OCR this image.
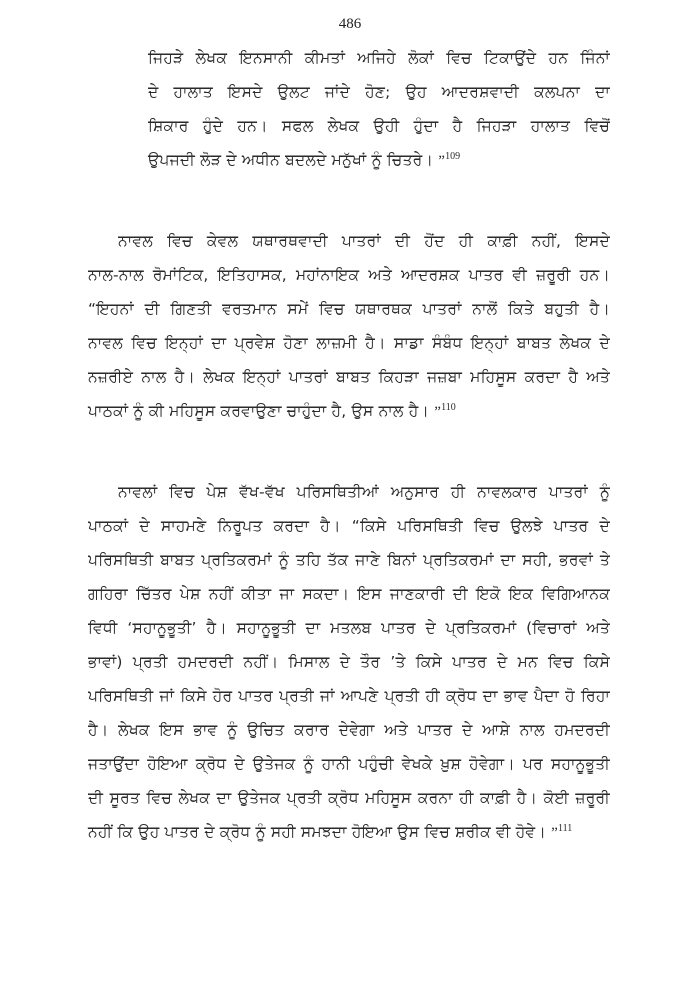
486
ਜਿਹੜੇ ਲੇਖਕ ਇਨਸਾਨੀ ਕੀਮਤਾਂ ਅਜਿਹੇ ਲੋਕਾਂ ਵਿਚ ਟਿਕਾਉਂਦੇ ਹਨ ਜਿੰਨਾਂ
ਦੇ ਹਾਲਾਤ ਇਸਦੇ ਉਲਟ ਜਾਂਦੇ ਹੋਣ; ਉਹ ਆਦਰਸ਼ਵਾਦੀ ਕਲਪਨਾ ਦਾ
ਸ਼ਿਕਾਰ ਹੁੰਦੇ ਹਨ। ਸਫਲ ਲੇਖਕ ਉਹੀ ਹੁੰਦਾ ਹੈ ਜਿਹੜਾ ਹਾਲਾਤ ਵਿਚੋਂ
ਉਪਜਦੀ ਲੋੜ ਦੇ ਅਧੀਨ ਬਦਲਦੇ ਮਨੁੱਖਾਂ ਨੂੰ ਚਿਤਰੇ। ”$^{109}$
ਨਾਵਲ ਵਿਚ ਕੇਵਲ ਯਥਾਰਥਵਾਦੀ ਪਾਤਰਾਂ ਦੀ ਹੋਂਦ ਹੀ ਕਾਫ਼ੀ ਨਹੀਂ, ਇਸਦੇ
ਨਾਲ-ਨਾਲ ਰੋਮਾਂਟਿਕ, ਇਤਿਹਾਸਕ, ਮਹਾਂਨਾਇਕ ਅਤੇ ਆਦਰਸ਼ਕ ਪਾਤਰ ਵੀ ਜ਼ਰੂਰੀ ਹਨ।
“ਇਹਨਾਂ ਦੀ ਗਿਣਤੀ ਵਰਤਮਾਨ ਸਮੇਂ ਵਿਚ ਯਥਾਰਥਕ ਪਾਤਰਾਂ ਨਾਲੋਂ ਕਿਤੇ ਬਹੁਤੀ ਹੈ।
ਨਾਵਲ ਵਿਚ ਇਨ੍ਹਾਂ ਦਾ ਪ੍ਰਵੇਸ਼ ਹੋਣਾ ਲਾਜ਼ਮੀ ਹੈ। ਸਾਡਾ ਸੰਬੰਧ ਇਨ੍ਹਾਂ ਬਾਬਤ ਲੇਖਕ ਦੇ
ਨਜ਼ਰੀਏ ਨਾਲ ਹੈ। ਲੇਖਕ ਇਨ੍ਹਾਂ ਪਾਤਰਾਂ ਬਾਬਤ ਕਿਹੜਾ ਜਜ਼ਬਾ ਮਹਿਸੂਸ ਕਰਦਾ ਹੈ ਅਤੇ
ਪਾਠਕਾਂ ਨੂੰ ਕੀ ਮਹਿਸੂਸ ਕਰਵਾਉਣਾ ਚਾਹੁੰਦਾ ਹੈ, ਉਸ ਨਾਲ ਹੈ। ”$^{110}$
ਨਾਵਲਾਂ ਵਿਚ ਪੇਸ਼ ਵੱਖ-ਵੱਖ ਪਰਿਸਥਿਤੀਆਂ ਅਨੁਸਾਰ ਹੀ ਨਾਵਲਕਾਰ ਪਾਤਰਾਂ ਨੂੰ
ਪਾਠਕਾਂ ਦੇ ਸਾਹਮਣੇ ਨਿਰੂਪਤ ਕਰਦਾ ਹੈ। “ਕਿਸੇ ਪਰਿਸਥਿਤੀ ਵਿਚ ਉਲਝੇ ਪਾਤਰ ਦੇ
ਪਰਿਸਥਿਤੀ ਬਾਬਤ ਪ੍ਰਤਿਕਰਮਾਂ ਨੂੰ ਤਹਿ ਤੱਕ ਜਾਣੇ ਬਿਨਾਂ ਪ੍ਰਤਿਕਰਮਾਂ ਦਾ ਸਹੀ, ਭਰਵਾਂ ਤੇ
ਗਹਿਰਾ ਚਿੱਤਰ ਪੇਸ਼ ਨਹੀਂ ਕੀਤਾ ਜਾ ਸਕਦਾ। ਇਸ ਜਾਣਕਾਰੀ ਦੀ ਇਕੋ ਇਕ ਵਿਗਿਆਨਕ
ਵਿਧੀ ‘ਸਹਾਨੂਭੂਤੀ’ ਹੈ। ਸਹਾਨੂਭੂਤੀ ਦਾ ਮਤਲਬ ਪਾਤਰ ਦੇ ਪ੍ਰਤਿਕਰਮਾਂ (ਵਿਚਾਰਾਂ ਅਤੇ
ਭਾਵਾਂ) ਪ੍ਰਤੀ ਹਮਦਰਦੀ ਨਹੀਂ। ਮਿਸਾਲ ਦੇ ਤੌਰ ’ਤੇ ਕਿਸੇ ਪਾਤਰ ਦੇ ਮਨ ਵਿਚ ਕਿਸੇ
ਪਰਿਸਥਿਤੀ ਜਾਂ ਕਿਸੇ ਹੋਰ ਪਾਤਰ ਪ੍ਰਤੀ ਜਾਂ ਆਪਣੇ ਪ੍ਰਤੀ ਹੀ ਕ੍ਰੋਧ ਦਾ ਭਾਵ ਪੈਦਾ ਹੋ ਰਿਹਾ
ਹੈ। ਲੇਖਕ ਇਸ ਭਾਵ ਨੂੰ ਉਚਿਤ ਕਰਾਰ ਦੇਵੇਗਾ ਅਤੇ ਪਾਤਰ ਦੇ ਆਸ਼ੇ ਨਾਲ ਹਮਦਰਦੀ
ਜਤਾਉਂਦਾ ਹੋਇਆ ਕ੍ਰੋਧ ਦੇ ਉਤੇਜਕ ਨੂੰ ਹਾਨੀ ਪਹੁੰਚੀ ਵੇਖਕੇ ਖ਼ੁਸ਼ ਹੋਵੇਗਾ। ਪਰ ਸਹਾਨੂਭੂਤੀ
ਦੀ ਸੂਰਤ ਵਿਚ ਲੇਖਕ ਦਾ ਉਤੇਜਕ ਪ੍ਰਤੀ ਕ੍ਰੋਧ ਮਹਿਸੂਸ ਕਰਨਾ ਹੀ ਕਾਫ਼ੀ ਹੈ। ਕੋਈ ਜ਼ਰੂਰੀ
ਨਹੀਂ ਕਿ ਉਹ ਪਾਤਰ ਦੇ ਕ੍ਰੋਧ ਨੂੰ ਸਹੀ ਸਮਝਦਾ ਹੋਇਆ ਉਸ ਵਿਚ ਸ਼ਰੀਕ ਵੀ ਹੋਵੇ। ”$^{111}$
